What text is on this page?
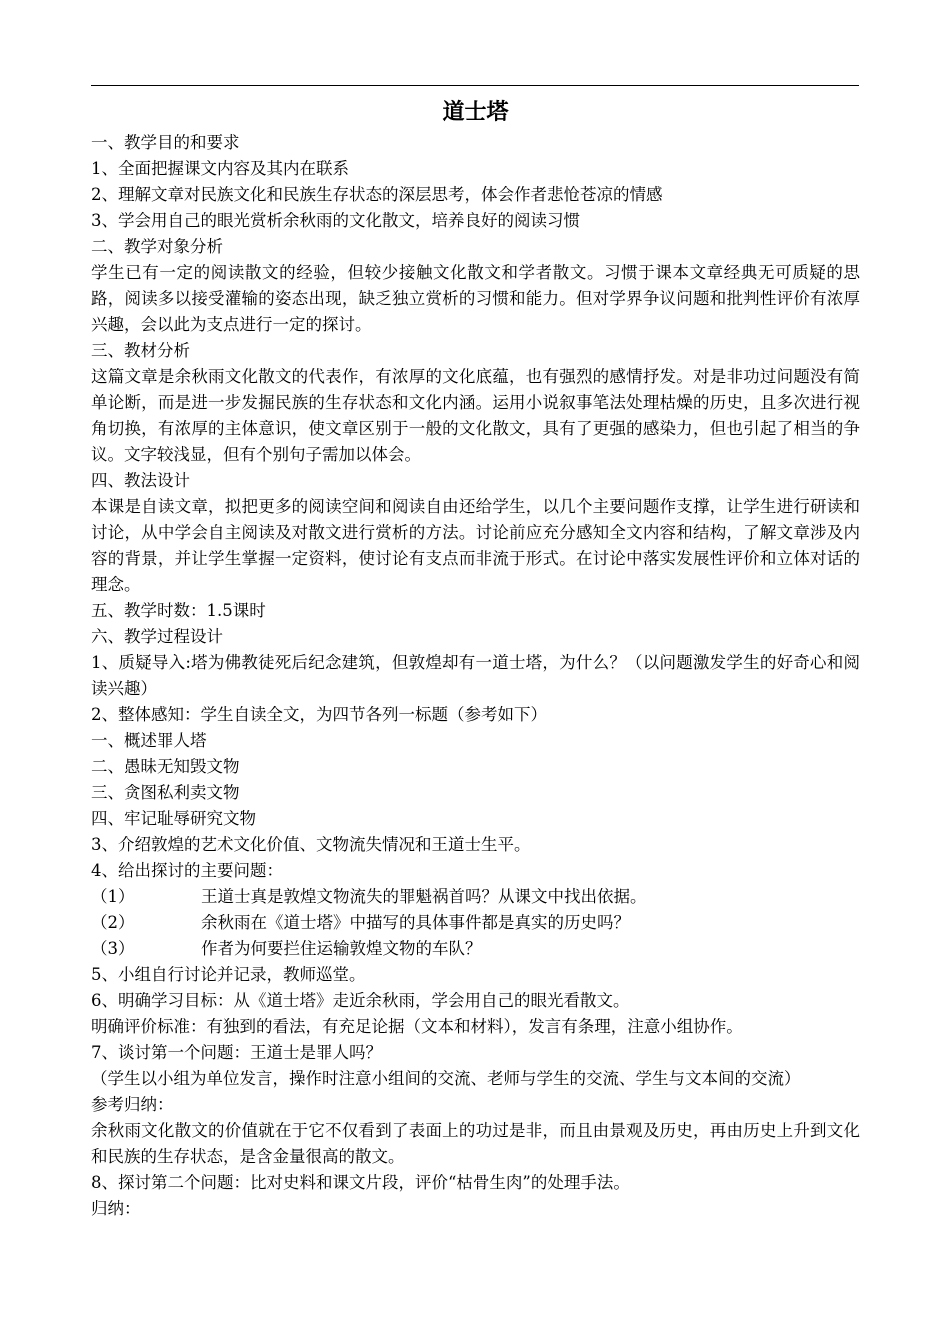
道士塔

一、教学目的和要求

1、全面把握课文内容及其内在联系

2、理解文章对民族文化和民族生存状态的深层思考，体会作者悲怆苍凉的情感

3、学会用自己的眼光赏析余秋雨的文化散文，培养良好的阅读习惯

二、教学对象分析

学生已有一定的阅读散文的经验，但较少接触文化散文和学者散文。习惯于课本文章经典无可质疑的思路，阅读多以接受灌输的姿态出现，缺乏独立赏析的习惯和能力。但对学界争议问题和批判性评价有浓厚兴趣，会以此为支点进行一定的探讨。

三、教材分析

这篇文章是余秋雨文化散文的代表作，有浓厚的文化底蕴，也有强烈的感情抒发。对是非功过问题没有简单论断，而是进一步发掘民族的生存状态和文化内涵。运用小说叙事笔法处理枯燥的历史，且多次进行视角切换，有浓厚的主体意识，使文章区别于一般的文化散文，具有了更强的感染力，但也引起了相当的争议。文字较浅显，但有个别句子需加以体会。

四、教法设计

本课是自读文章，拟把更多的阅读空间和阅读自由还给学生，以几个主要问题作支撑，让学生进行研读和讨论，从中学会自主阅读及对散文进行赏析的方法。讨论前应充分感知全文内容和结构，了解文章涉及内容的背景，并让学生掌握一定资料，使讨论有支点而非流于形式。在讨论中落实发展性评价和立体对话的理念。

五、教学时数：1.5课时

六、教学过程设计

1、质疑导入:塔为佛教徒死后纪念建筑，但敦煌却有一道士塔，为什么？（以问题激发学生的好奇心和阅读兴趣）

2、整体感知：学生自读全文，为四节各列一标题（参考如下）

一、概述罪人塔

二、愚昧无知毁文物

三、贪图私利卖文物

四、牢记耻辱研究文物

3、介绍敦煌的艺术文化价值、文物流失情况和王道士生平。

4、给出探讨的主要问题：

（1）	王道士真是敦煌文物流失的罪魁祸首吗？从课文中找出依据。
（2）	余秋雨在《道士塔》中描写的具体事件都是真实的历史吗？
（3）	作者为何要拦住运输敦煌文物的车队？

5、小组自行讨论并记录，教师巡堂。

6、明确学习目标：从《道士塔》走近余秋雨，学会用自己的眼光看散文。

明确评价标准：有独到的看法，有充足论据（文本和材料），发言有条理，注意小组协作。

7、谈讨第一个问题：王道士是罪人吗？

（学生以小组为单位发言，操作时注意小组间的交流、老师与学生的交流、学生与文本间的交流）

参考归纳：

余秋雨文化散文的价值就在于它不仅看到了表面上的功过是非，而且由景观及历史，再由历史上升到文化和民族的生存状态，是含金量很高的散文。

8、探讨第二个问题：比对史料和课文片段，评价“枯骨生肉”的处理手法。

归纳：
